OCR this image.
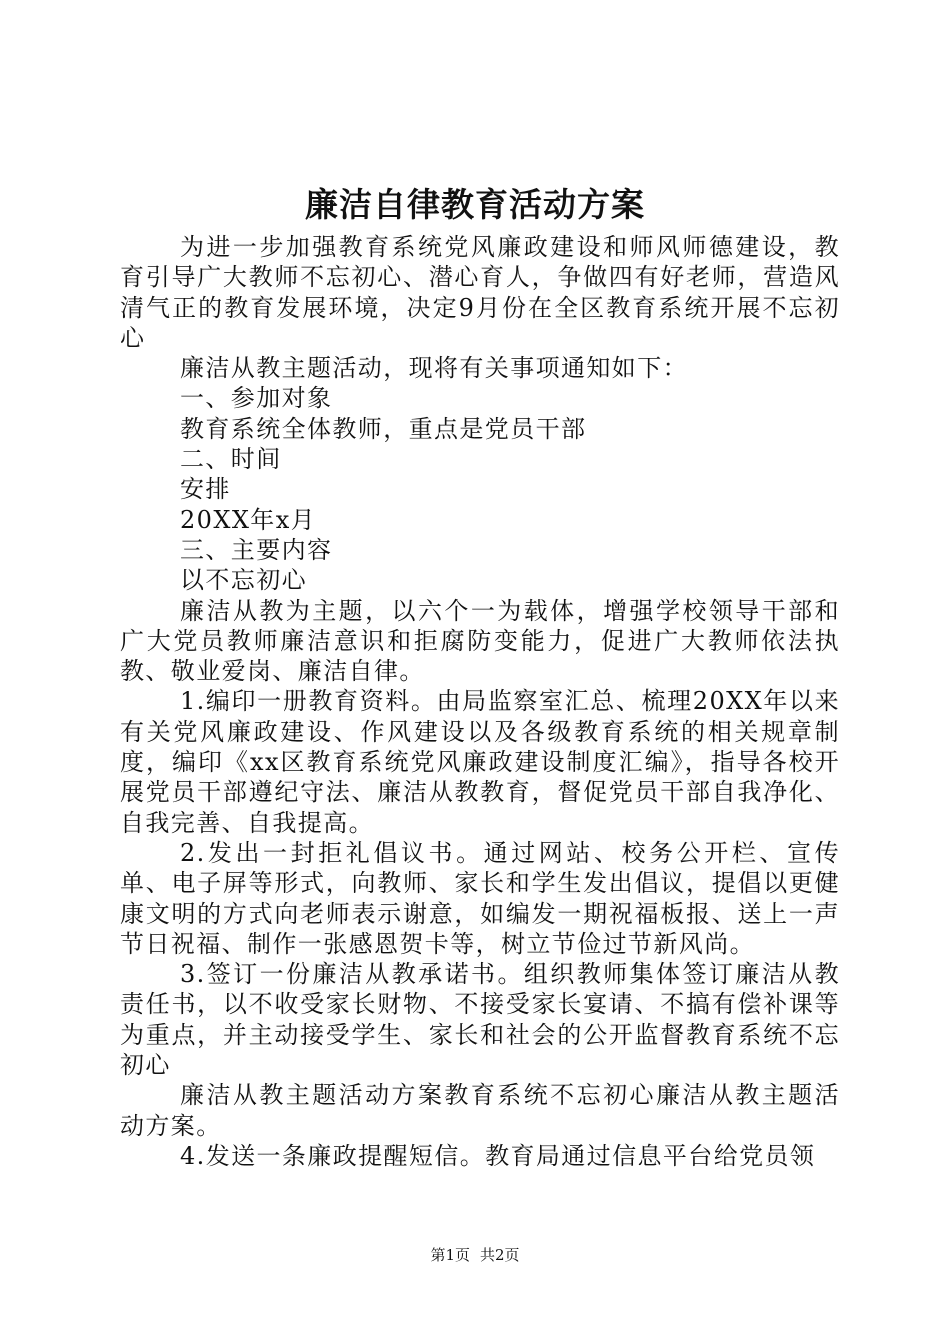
廉洁自律教育活动方案

为进一步加强教育系统党风廉政建设和师风师德建设，教育引导广大教师不忘初心、潜心育人，争做四有好老师，营造风清气正的教育发展环境，决定9月份在全区教育系统开展不忘初心

廉洁从教主题活动，现将有关事项通知如下：

一、参加对象

教育系统全体教师，重点是党员干部

二、时间

安排

20XX年x月

三、主要内容

以不忘初心

廉洁从教为主题，以六个一为载体，增强学校领导干部和广大党员教师廉洁意识和拒腐防变能力，促进广大教师依法执教、敬业爱岗、廉洁自律。

1.编印一册教育资料。由局监察室汇总、梳理20XX年以来有关党风廉政建设、作风建设以及各级教育系统的相关规章制度，编印《xx区教育系统党风廉政建设制度汇编》，指导各校开展党员干部遵纪守法、廉洁从教教育，督促党员干部自我净化、自我完善、自我提高。

2.发出一封拒礼倡议书。通过网站、校务公开栏、宣传单、电子屏等形式，向教师、家长和学生发出倡议，提倡以更健康文明的方式向老师表示谢意，如编发一期祝福板报、送上一声节日祝福、制作一张感恩贺卡等，树立节俭过节新风尚。

3.签订一份廉洁从教承诺书。组织教师集体签订廉洁从教责任书，以不收受家长财物、不接受家长宴请、不搞有偿补课等为重点，并主动接受学生、家长和社会的公开监督教育系统不忘初心

廉洁从教主题活动方案教育系统不忘初心廉洁从教主题活动方案。

4.发送一条廉政提醒短信。教育局通过信息平台给党员领

第1页 共2页
